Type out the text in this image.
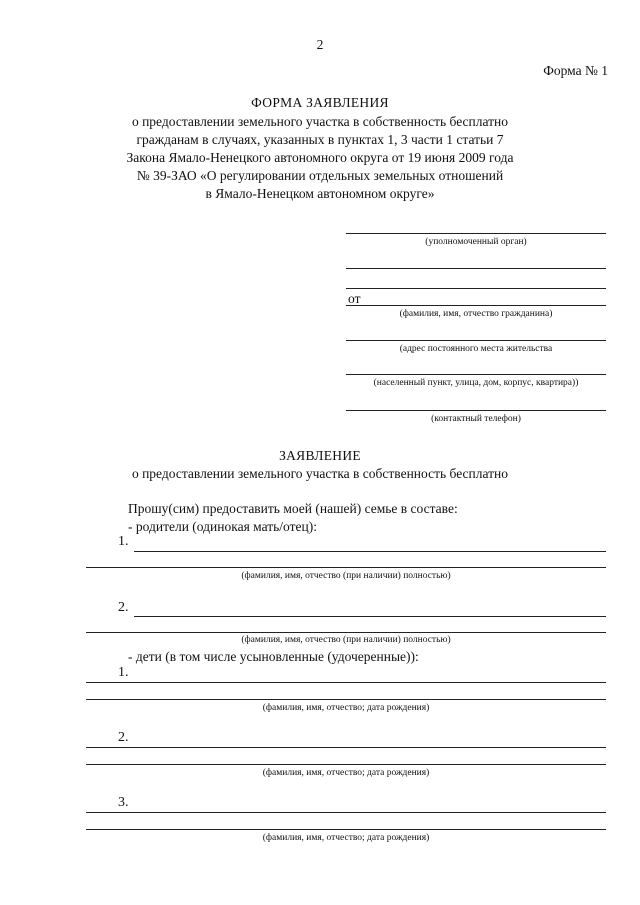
2
Форма № 1
ФОРМА ЗАЯВЛЕНИЯ
о предоставлении земельного участка в собственность бесплатно
гражданам в случаях, указанных в пунктах 1, 3 части 1 статьи 7
Закона Ямало-Ненецкого автономного округа от 19 июня 2009 года
№ 39-ЗАО «О регулировании отдельных земельных отношений
в Ямало-Ненецком автономном округе»
(уполномоченный орган)
от
(фамилия, имя, отчество гражданина)
(адрес постоянного места жительства
(населенный пункт, улица, дом, корпус, квартира))
(контактный телефон)
ЗАЯВЛЕНИЕ
о предоставлении земельного участка в собственность бесплатно
Прошу(сим) предоставить моей (нашей) семье в составе:
- родители (одинокая мать/отец):
1.
(фамилия, имя, отчество (при наличии) полностью)
2.
(фамилия, имя, отчество (при наличии) полностью)
- дети (в том числе усыновленные (удочеренные)):
1.
(фамилия, имя, отчество; дата рождения)
2.
(фамилия, имя, отчество; дата рождения)
3.
(фамилия, имя, отчество; дата рождения)
